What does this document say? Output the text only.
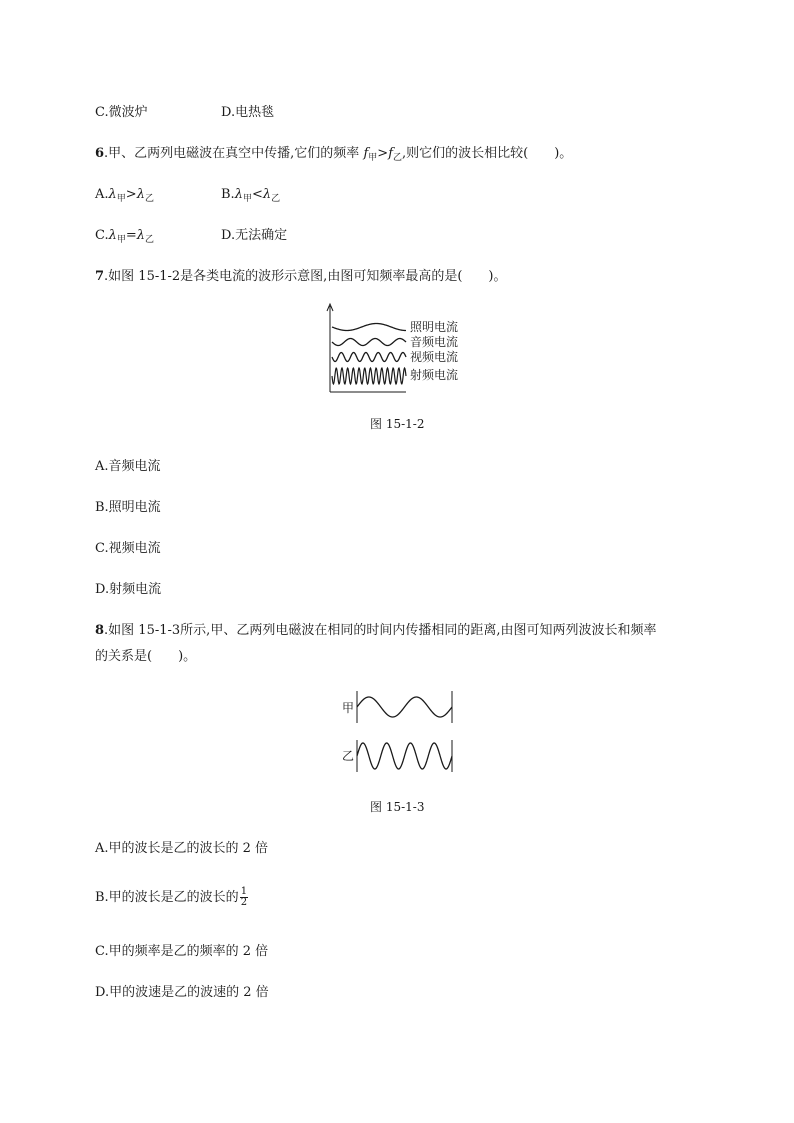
C.微波炉	D.电热毯
6.甲、乙两列电磁波在真空中传播,它们的频率 $f_甲>f_乙$,则它们的波长相比较(　　)。
$A.\lambda_甲>\lambda_乙$	$B.\lambda_甲<\lambda_乙$
$C.\lambda_甲=\lambda_乙$	D.无法确定
7.如图 15-1-2是各类电流的波形示意图,由图可知频率最高的是(　　)。
照明电流
音频电流
视频电流
射频电流
图 15-1-2
A.音频电流
B.照明电流
C.视频电流
D.射频电流
8.如图 15-1-3所示,甲、乙两列电磁波在相同的时间内传播相同的距离,由图可知两列波波长和频率
的关系是(　　)。
甲
乙
图 15-1-3
A.甲的波长是乙的波长的 2 倍
B.甲的波长是乙的波长的 $\frac{1}{2}$
C.甲的频率是乙的频率的 2 倍
D.甲的波速是乙的波速的 2 倍
